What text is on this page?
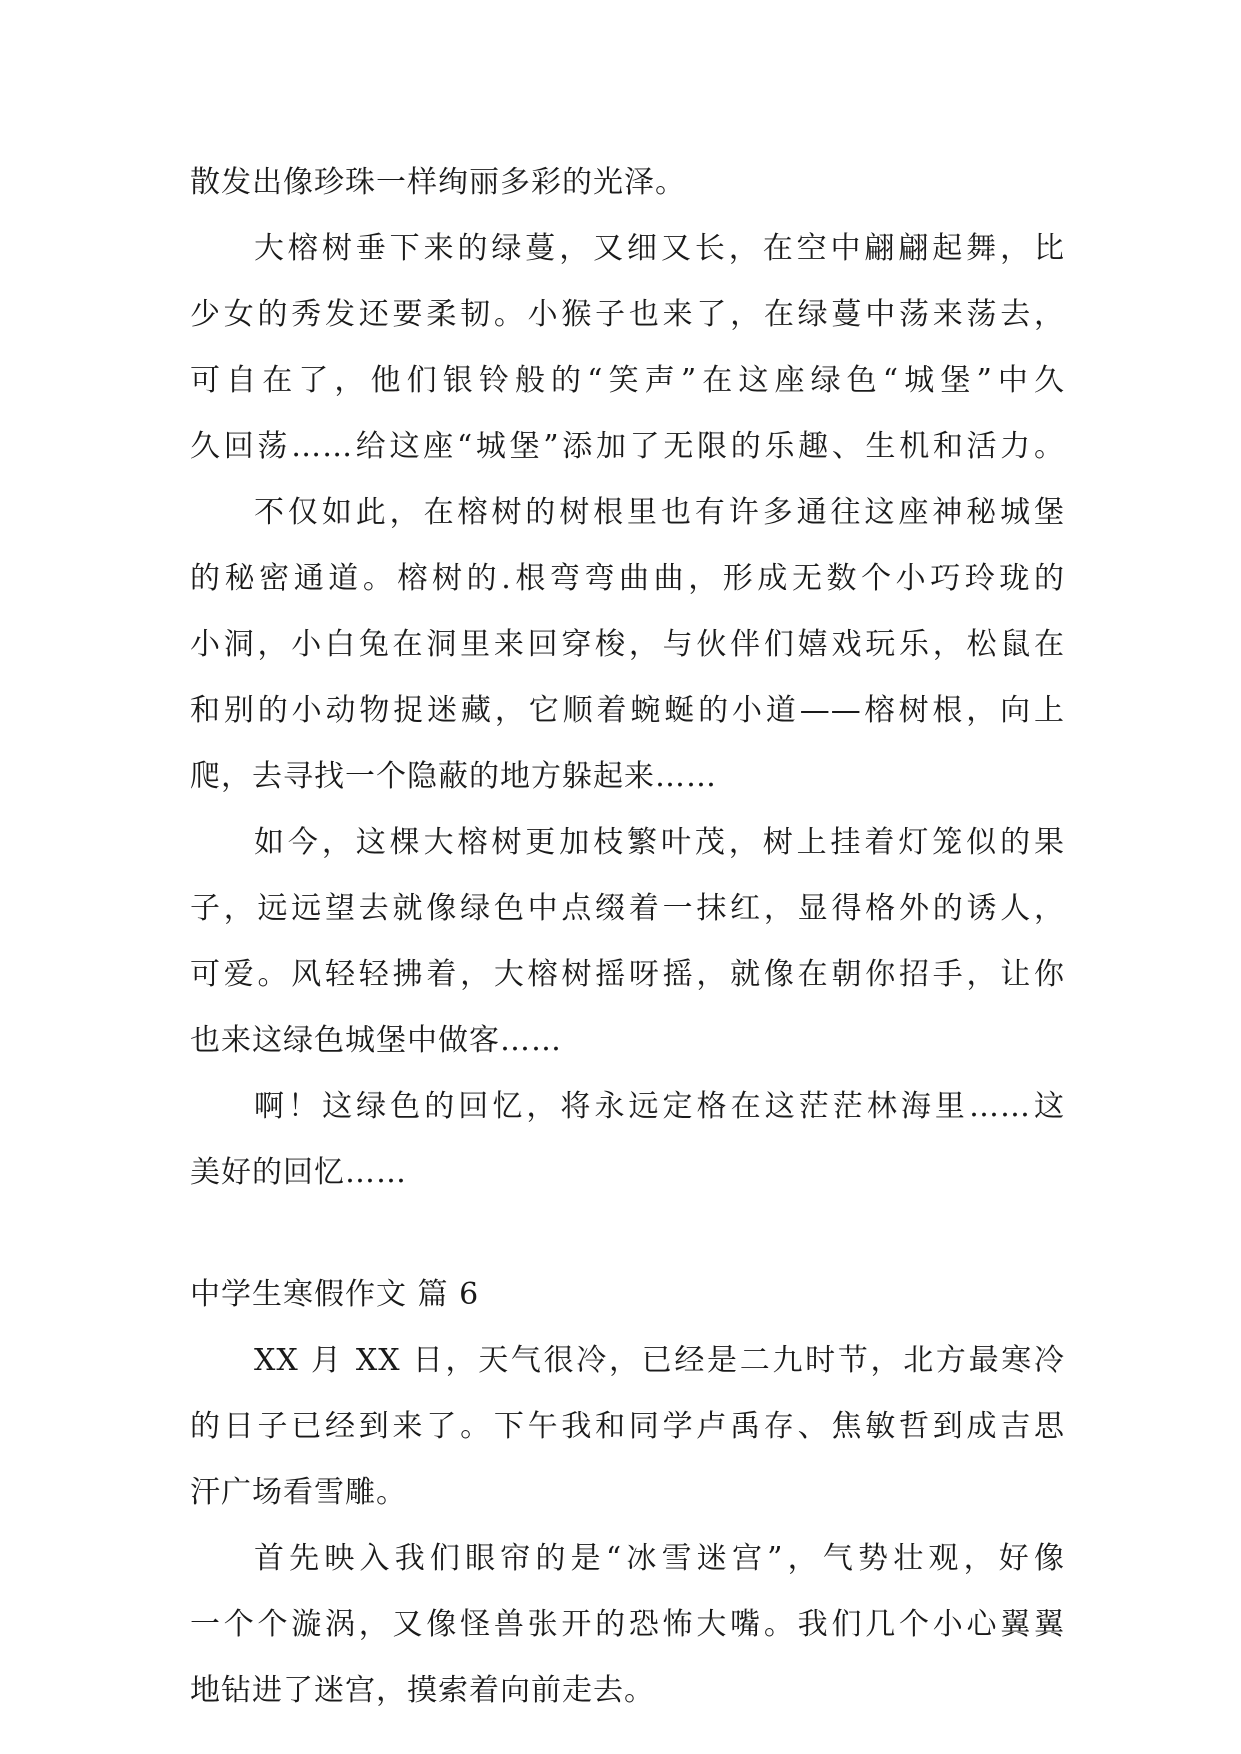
散发出像珍珠一样绚丽多彩的光泽。
大榕树垂下来的绿蔓，又细又长，在空中翩翩起舞，比
少女的秀发还要柔韧。小猴子也来了，在绿蔓中荡来荡去，
可自在了，他们银铃般的“笑声”在这座绿色“城堡”中久
久回荡……给这座“城堡”添加了无限的乐趣、生机和活力。
不仅如此，在榕树的树根里也有许多通往这座神秘城堡
的秘密通道。榕树的.根弯弯曲曲，形成无数个小巧玲珑的
小洞，小白兔在洞里来回穿梭，与伙伴们嬉戏玩乐，松鼠在
和别的小动物捉迷藏，它顺着蜿蜒的小道——榕树根，向上
爬，去寻找一个隐蔽的地方躲起来……
如今，这棵大榕树更加枝繁叶茂，树上挂着灯笼似的果
子，远远望去就像绿色中点缀着一抹红，显得格外的诱人，
可爱。风轻轻拂着，大榕树摇呀摇，就像在朝你招手，让你
也来这绿色城堡中做客……
啊！这绿色的回忆，将永远定格在这茫茫林海里……这
美好的回忆……
中学生寒假作文 篇 6
XX 月 XX 日，天气很冷，已经是二九时节，北方最寒冷
的日子已经到来了。下午我和同学卢禹存、焦敏哲到成吉思
汗广场看雪雕。
首先映入我们眼帘的是“冰雪迷宫”，气势壮观，好像
一个个漩涡，又像怪兽张开的恐怖大嘴。我们几个小心翼翼
地钻进了迷宫，摸索着向前走去。
